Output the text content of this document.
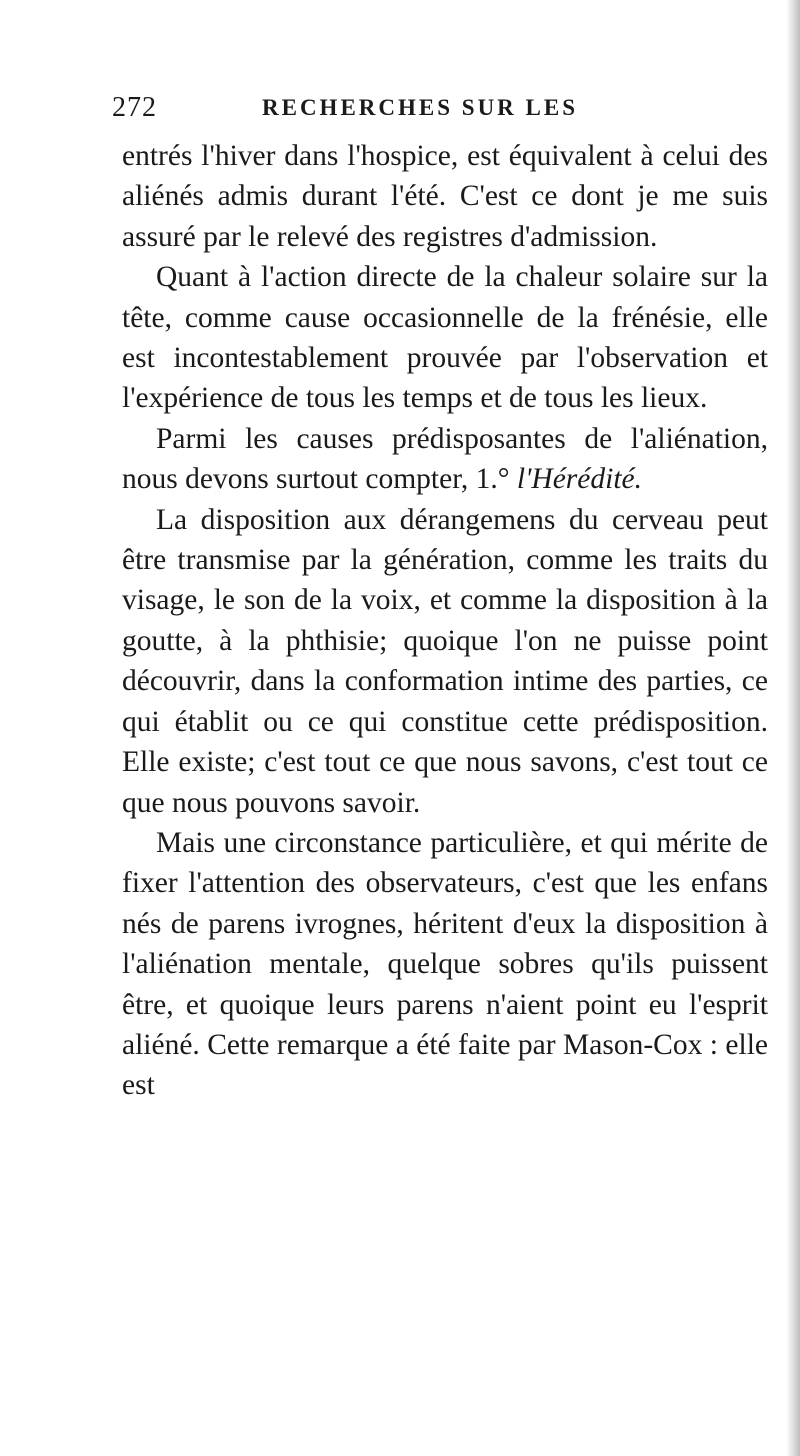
272	RECHERCHES SUR LES

entrés l'hiver dans l'hospice, est équivalent à celui des aliénés admis durant l'été. C'est ce dont je me suis assuré par le relevé des registres d'admission.

Quant à l'action directe de la chaleur solaire sur la tête, comme cause occasionnelle de la frénésie, elle est incontestablement prouvée par l'observation et l'expérience de tous les temps et de tous les lieux.

Parmi les causes prédisposantes de l'aliénation, nous devons surtout compter, 1.° l'Hérédité.

La disposition aux dérangemens du cerveau peut être transmise par la génération, comme les traits du visage, le son de la voix, et comme la disposition à la goutte, à la phthisie; quoique l'on ne puisse point découvrir, dans la conformation intime des parties, ce qui établit ou ce qui constitue cette prédisposition. Elle existe; c'est tout ce que nous savons, c'est tout ce que nous pouvons savoir.

Mais une circonstance particulière, et qui mérite de fixer l'attention des observateurs, c'est que les enfans nés de parens ivrognes, héritent d'eux la disposition à l'aliénation mentale, quelque sobres qu'ils puissent être, et quoique leurs parens n'aient point eu l'esprit aliéné. Cette remarque a été faite par Mason-Cox : elle est
